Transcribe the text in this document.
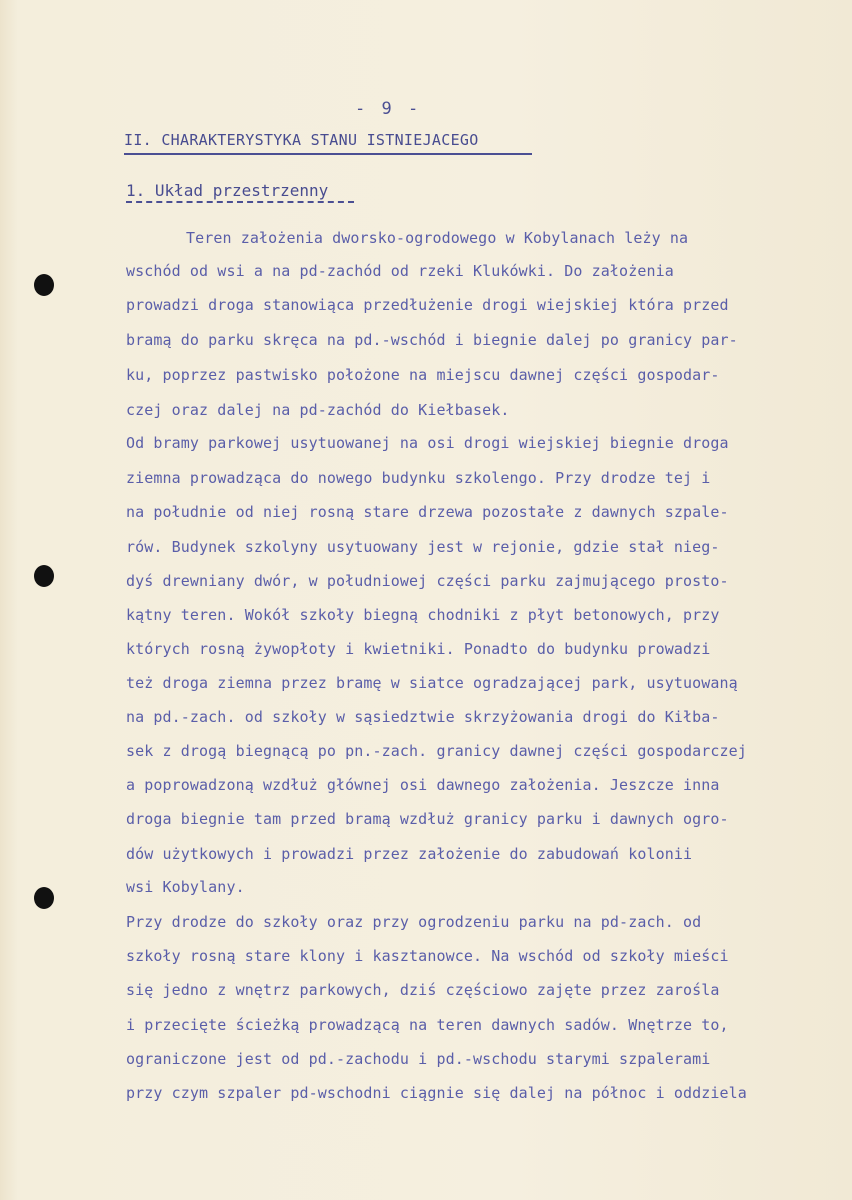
- 9 -
II. CHARAKTERYSTYKA STANU ISTNIEJACEGO
1. Układ przestrzenny
Teren założenia dworsko-ogrodowego w Kobylanach leży na
wschód od wsi a na pd-zachód od rzeki Klukówki. Do założenia
prowadzi droga stanowiąca przedłużenie drogi wiejskiej która przed
bramą do parku skręca na pd.-wschód i biegnie dalej po granicy par-
ku, poprzez pastwisko położone na miejscu dawnej części gospodar-
czej oraz dalej na pd-zachód do Kiełbasek.
Od bramy parkowej usytuowanej na osi drogi wiejskiej biegnie droga
ziemna prowadząca do nowego budynku szkolengo. Przy drodze tej i
na południe od niej rosną stare drzewa pozostałe z dawnych szpale-
rów. Budynek szkolyny usytuowany jest w rejonie, gdzie stał nieg-
dyś drewniany dwór, w południowej części parku zajmującego prosto-
kątny teren. Wokół szkoły biegną chodniki z płyt betonowych, przy
których rosną żywopłoty i kwietniki. Ponadto do budynku prowadzi
też droga ziemna przez bramę w siatce ogradzającej park, usytuowaną
na pd.-zach. od szkoły w sąsiedztwie skrzyżowania drogi do Kiłba-
sek z drogą biegnącą po pn.-zach. granicy dawnej części gospodarczej
a poprowadzoną wzdłuż głównej osi dawnego założenia. Jeszcze inna
droga biegnie tam przed bramą wzdłuż granicy parku i dawnych ogro-
dów użytkowych i prowadzi przez założenie do zabudowań kolonii
wsi Kobylany.
Przy drodze do szkoły oraz przy ogrodzeniu parku na pd-zach. od
szkoły rosną stare klony i kasztanowce. Na wschód od szkoły mieści
się jedno z wnętrz parkowych, dziś częściowo zajęte przez zarośla
i przecięte ścieżką prowadzącą na teren dawnych sadów. Wnętrze to,
ograniczone jest od pd.-zachodu i pd.-wschodu starymi szpalerami
przy czym szpaler pd-wschodni ciągnie się dalej na północ i oddziela
